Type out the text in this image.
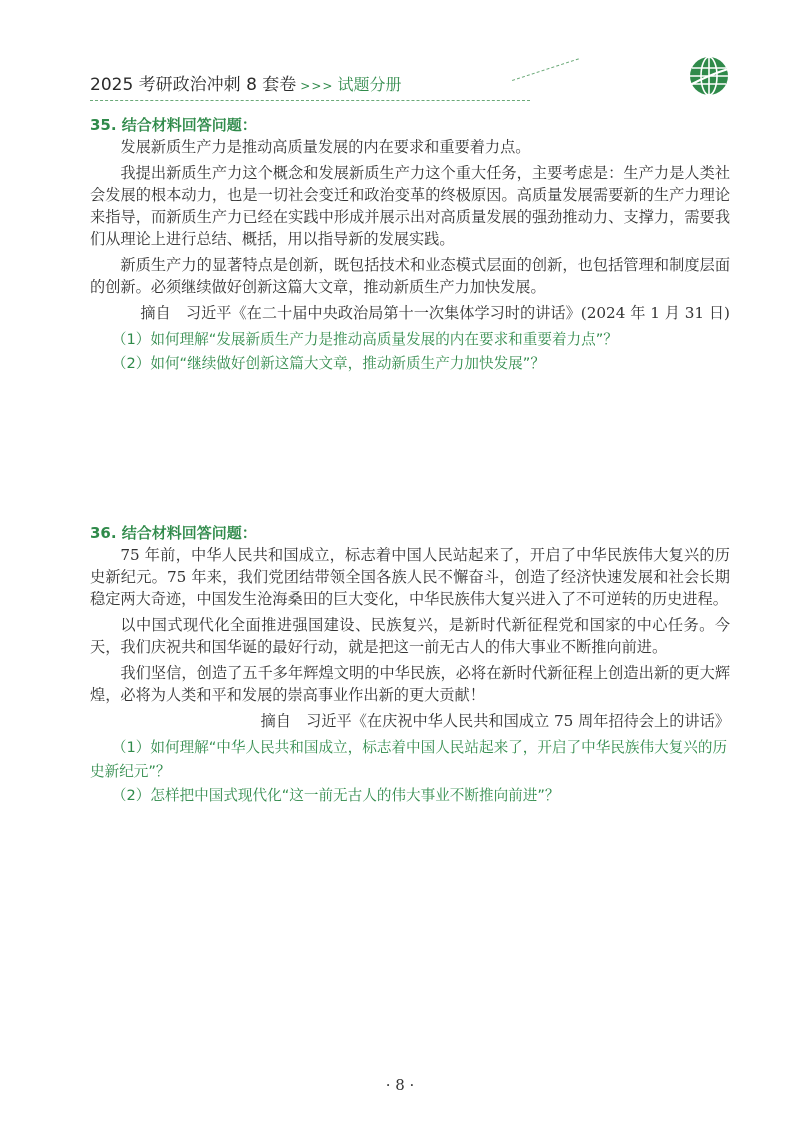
2025 考研政治冲刺 8 套卷 >>> 试题分册

35. 结合材料回答问题：

发展新质生产力是推动高质量发展的内在要求和重要着力点。

我提出新质生产力这个概念和发展新质生产力这个重大任务，主要考虑是：生产力是人类社会发展的根本动力，也是一切社会变迁和政治变革的终极原因。高质量发展需要新的生产力理论来指导，而新质生产力已经在实践中形成并展示出对高质量发展的强劲推动力、支撑力，需要我们从理论上进行总结、概括，用以指导新的发展实践。

新质生产力的显著特点是创新，既包括技术和业态模式层面的创新，也包括管理和制度层面的创新。必须继续做好创新这篇大文章，推动新质生产力加快发展。

摘自　习近平《在二十届中央政治局第十一次集体学习时的讲话》(2024 年 1 月 31 日)

（1）如何理解“发展新质生产力是推动高质量发展的内在要求和重要着力点”？

（2）如何“继续做好创新这篇大文章，推动新质生产力加快发展”？

36. 结合材料回答问题：

75 年前，中华人民共和国成立，标志着中国人民站起来了，开启了中华民族伟大复兴的历史新纪元。75 年来，我们党团结带领全国各族人民不懈奋斗，创造了经济快速发展和社会长期稳定两大奇迹，中国发生沧海桑田的巨大变化，中华民族伟大复兴进入了不可逆转的历史进程。

以中国式现代化全面推进强国建设、民族复兴，是新时代新征程党和国家的中心任务。今天，我们庆祝共和国华诞的最好行动，就是把这一前无古人的伟大事业不断推向前进。

我们坚信，创造了五千多年辉煌文明的中华民族，必将在新时代新征程上创造出新的更大辉煌，必将为人类和平和发展的崇高事业作出新的更大贡献！

摘自　习近平《在庆祝中华人民共和国成立 75 周年招待会上的讲话》

（1）如何理解“中华人民共和国成立，标志着中国人民站起来了，开启了中华民族伟大复兴的历史新纪元”？

（2）怎样把中国式现代化“这一前无古人的伟大事业不断推向前进”？

· 8 ·
